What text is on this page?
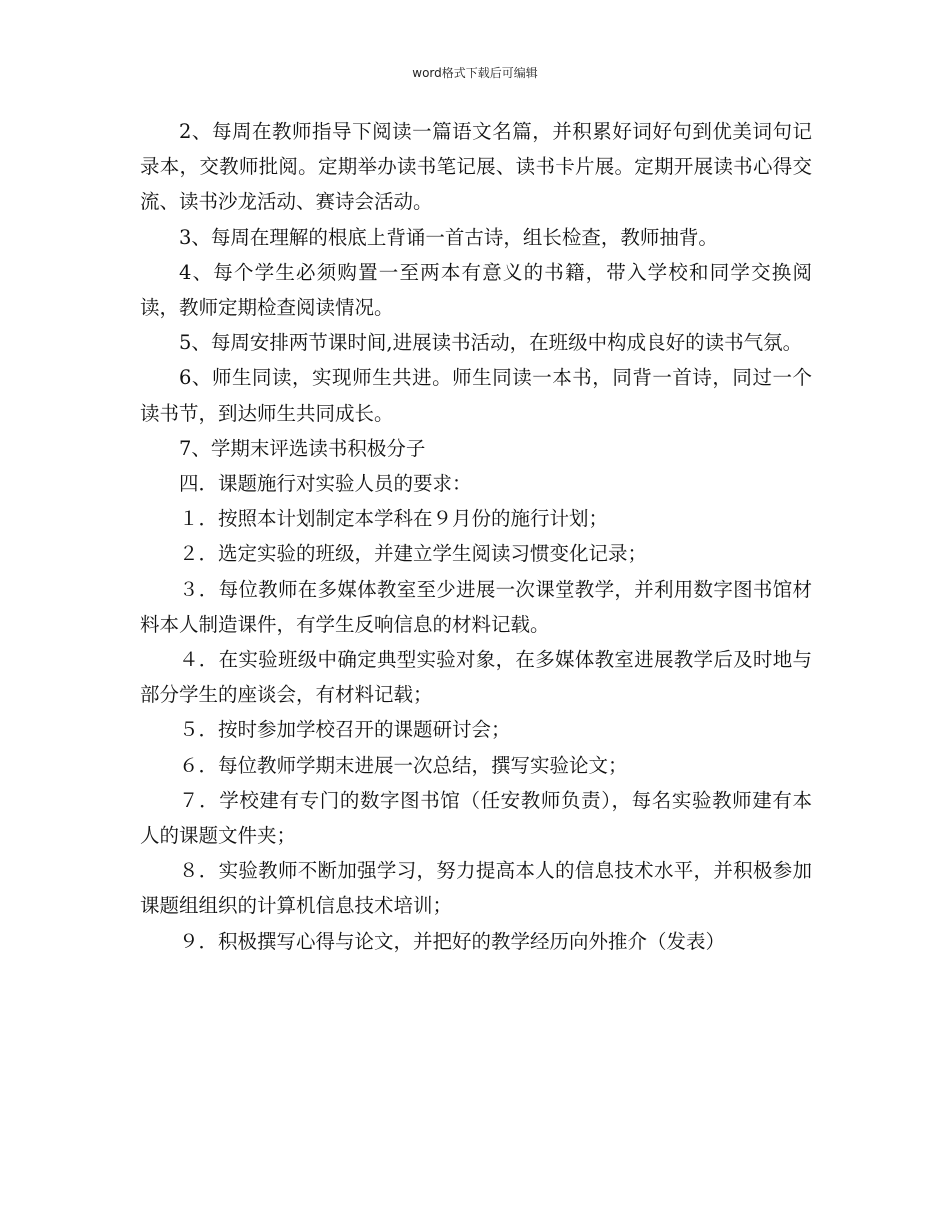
word格式下载后可编辑

2、每周在教师指导下阅读一篇语文名篇，并积累好词好句到优美词句记录本，交教师批阅。定期举办读书笔记展、读书卡片展。定期开展读书心得交流、读书沙龙活动、赛诗会活动。

3、每周在理解的根底上背诵一首古诗，组长检查，教师抽背。

4、每个学生必须购置一至两本有意义的书籍，带入学校和同学交换阅读，教师定期检查阅读情况。

5、每周安排两节课时间,进展读书活动，在班级中构成良好的读书气氛。

6、师生同读，实现师生共进。师生同读一本书，同背一首诗，同过一个读书节，到达师生共同成长。

7、学期末评选读书积极分子

四．课题施行对实验人员的要求：

１．按照本计划制定本学科在９月份的施行计划；

２．选定实验的班级，并建立学生阅读习惯变化记录；

３．每位教师在多媒体教室至少进展一次课堂教学，并利用数字图书馆材料本人制造课件，有学生反响信息的材料记载。

４．在实验班级中确定典型实验对象，在多媒体教室进展教学后及时地与部分学生的座谈会，有材料记载；

５．按时参加学校召开的课题研讨会；

６．每位教师学期末进展一次总结，撰写实验论文；

７．学校建有专门的数字图书馆（任安教师负责），每名实验教师建有本人的课题文件夹；

８．实验教师不断加强学习，努力提高本人的信息技术水平，并积极参加课题组组织的计算机信息技术培训；

９．积极撰写心得与论文，并把好的教学经历向外推介（发表）
